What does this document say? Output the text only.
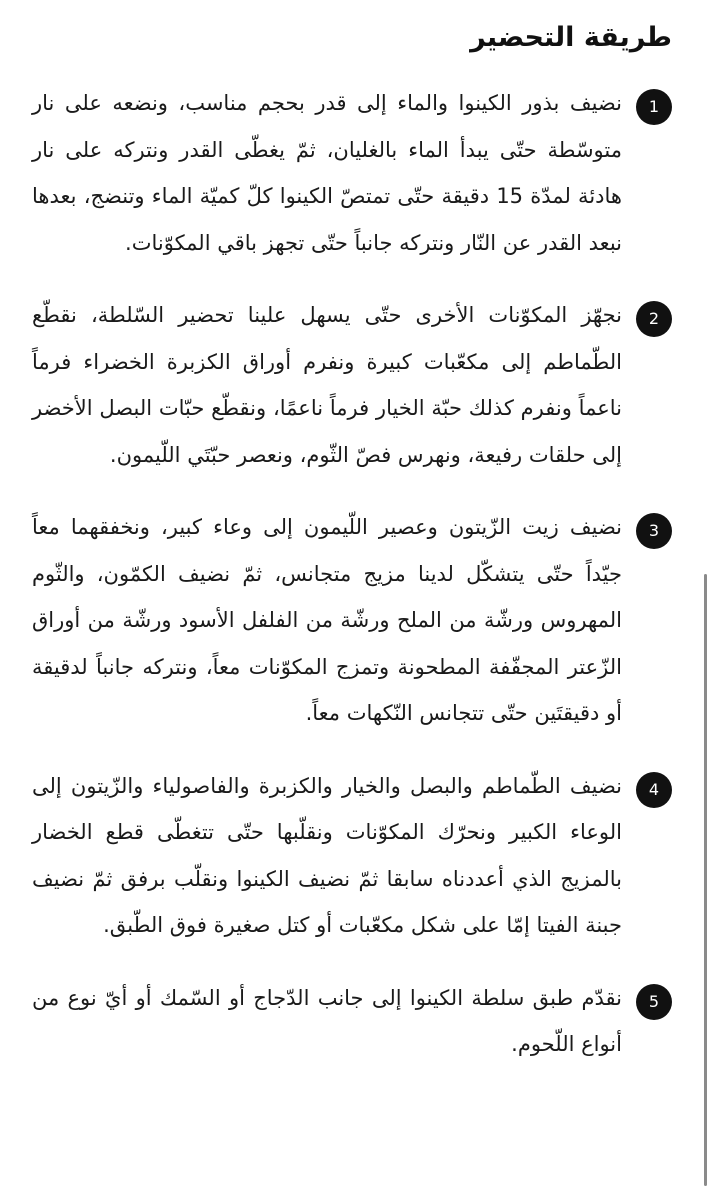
طريقة التحضير
1

نضيف بذور الكينوا والماء إلى قدر بحجم مناسب، ونضعه على نار متوسّطة حتّى يبدأ الماء بالغليان، ثمّ يغطّى القدر ونتركه على نار هادئة لمدّة 15 دقيقة حتّى تمتصّ الكينوا كلّ كميّة الماء وتنضج، بعدها نبعد القدر عن النّار ونتركه جانباً حتّى تجهز باقي المكوّنات.

2

نجهّز المكوّنات الأخرى حتّى يسهل علينا تحضير السّلطة، نقطّع الطّماطم إلى مكعّبات كبيرة ونفرم أوراق الكزبرة الخضراء فرماً ناعماً ونفرم كذلك حبّة الخيار فرماً ناعمًا، ونقطّع حبّات البصل الأخضر إلى حلقات رفيعة، ونهرس فصّ الثّوم، ونعصر حبّتَي اللّيمون.

3

نضيف زيت الزّيتون وعصير اللّيمون إلى وعاء كبير، ونخفقهما معاً جيّداً حتّى يتشكّل لدينا مزيج متجانس، ثمّ نضيف الكمّون، والثّوم المهروس ورشّة من الملح ورشّة من الفلفل الأسود ورشّة من أوراق الزّعتر المجفّفة المطحونة وتمزج المكوّنات معاً، ونتركه جانباً لدقيقة أو دقيقتَين حتّى تتجانس النّكهات معاً.

4

نضيف الطّماطم والبصل والخيار والكزبرة والفاصولياء والزّيتون إلى الوعاء الكبير ونحرّك المكوّنات ونقلّبها حتّى تتغطّى قطع الخضار بالمزيج الذي أعددناه سابقا ثمّ نضيف الكينوا ونقلّب برفق ثمّ نضيف جبنة الفيتا إمّا على شكل مكعّبات أو كتل صغيرة فوق الطّبق.

5

نقدّم طبق سلطة الكينوا إلى جانب الدّجاج أو السّمك أو أيّ نوع من أنواع اللّحوم.
